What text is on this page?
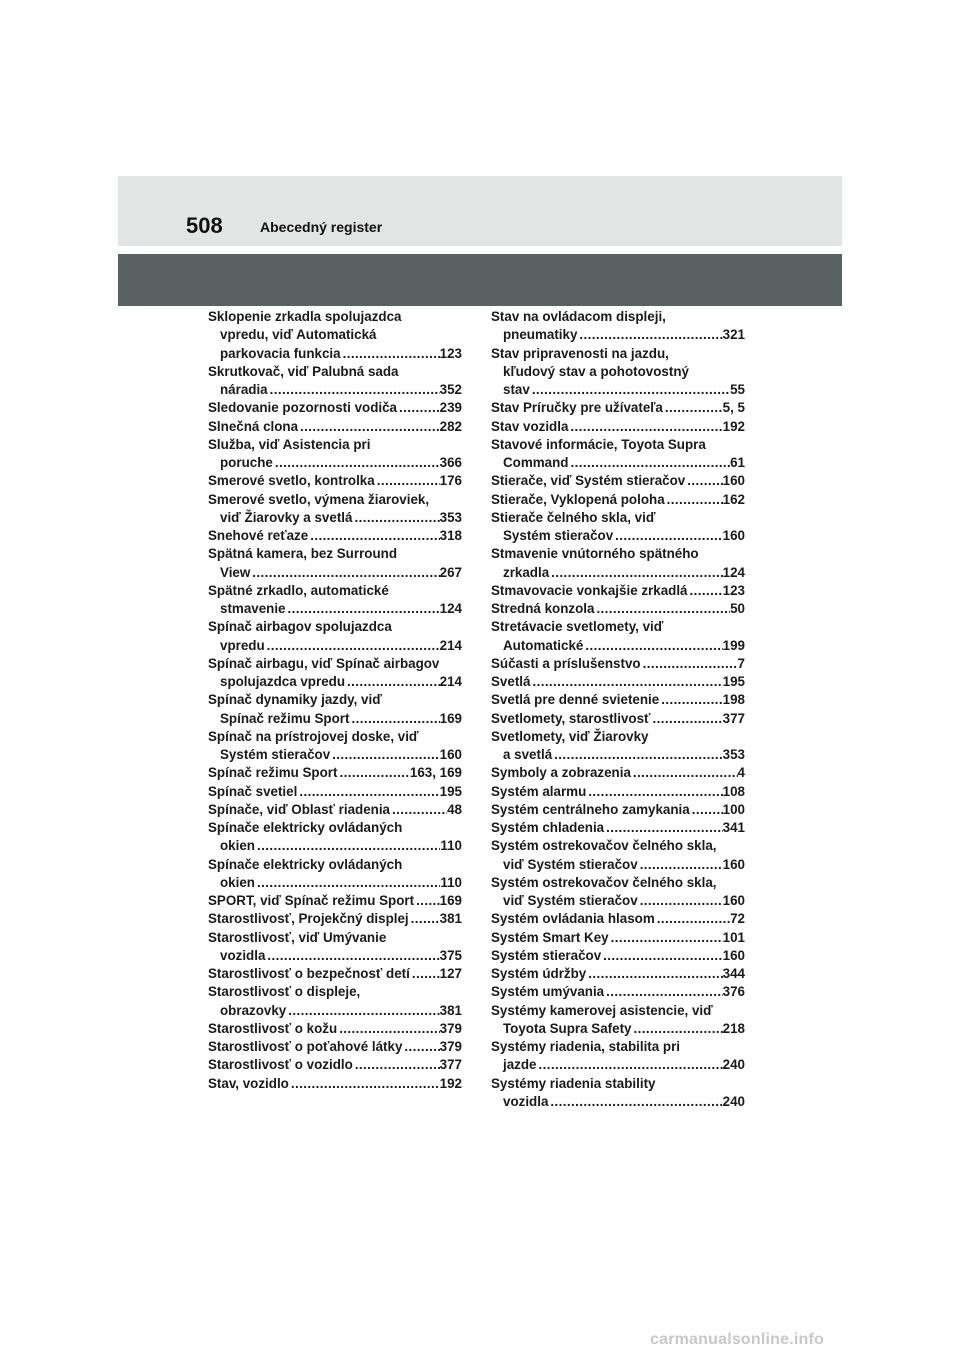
508	Abecedný register
Sklopenie zrkadla spolujazdca
vpredu, viď Automatická
parkovacia funkcia .....	123
Skrutkovač, viď Palubná sada
náradia .....	352
Sledovanie pozornosti vodiča .....	239
Slnečná clona .....	282
Služba, viď Asistencia pri
poruche .....	366
Smerové svetlo, kontrolka .....	176
Smerové svetlo, výmena žiaroviek,
viď Žiarovky a svetlá .....	353
Snehové reťaze .....	318
Spätná kamera, bez Surround
View .....	267
Spätné zrkadlo, automatické
stmavenie .....	124
Spínač airbagov spolujazdca
vpredu .....	214
Spínač airbagu, viď Spínač airbagov
spolujazdca vpredu .....	214
Spínač dynamiky jazdy, viď
Spínač režimu Sport .....	169
Spínač na prístrojovej doske, viď
Systém stieračov .....	160
Spínač režimu Sport .....	163, 169
Spínač svetiel .....	195
Spínače, viď Oblasť riadenia .....	48
Spínače elektricky ovládaných
okien .....	110
Spínače elektricky ovládaných
okien .....	110
SPORT, viď Spínač režimu Sport ..... 169
Starostlivosť, Projekčný displej ..... 381
Starostlivosť, viď Umývanie
vozidla .....	375
Starostlivosť o bezpečnosť detí ..... 127
Starostlivosť o displeje,
obrazovky .....	381
Starostlivosť o kožu .....	379
Starostlivosť o poťahové látky .....	379
Starostlivosť o vozidlo .....	377
Stav, vozidlo .....	192
Stav na ovládacom displeji,
pneumatiky .....	321
Stav pripravenosti na jazdu,
kľudový stav a pohotovostný
stav .....	55
Stav Príručky pre užívateľa .....	5, 5
Stav vozidla .....	192
Stavové informácie, Toyota Supra
Command .....	61
Stierače, viď Systém stieračov .....	160
Stierače, Vyklopená poloha .....	162
Stierače čelného skla, viď
Systém stieračov .....	160
Stmavenie vnútorného spätného
zrkadla .....	124
Stmavovacie vonkajšie zrkadlá .....	123
Stredná konzola .....	50
Stretávacie svetlomety, viď
Automatické .....	199
Súčasti a príslušenstvo .....	7
Svetlá .....	195
Svetlá pre denné svietenie .....	198
Svetlomety, starostlivosť .....	377
Svetlomety, viď Žiarovky
a svetlá .....	353
Symboly a zobrazenia .....	4
Systém alarmu .....	108
Systém centrálneho zamykania ..... 100
Systém chladenia .....	341
Systém ostrekovačov čelného skla,
viď Systém stieračov .....	160
Systém ostrekovačov čelného skla,
viď Systém stieračov .....	160
Systém ovládania hlasom .....	72
Systém Smart Key .....	101
Systém stieračov .....	160
Systém údržby .....	344
Systém umývania .....	376
Systémy kamerovej asistencie, viď
Toyota Supra Safety .....	218
Systémy riadenia, stabilita pri
jazde .....	240
Systémy riadenia stability
vozidla .....	240
carmanualsonline.info
